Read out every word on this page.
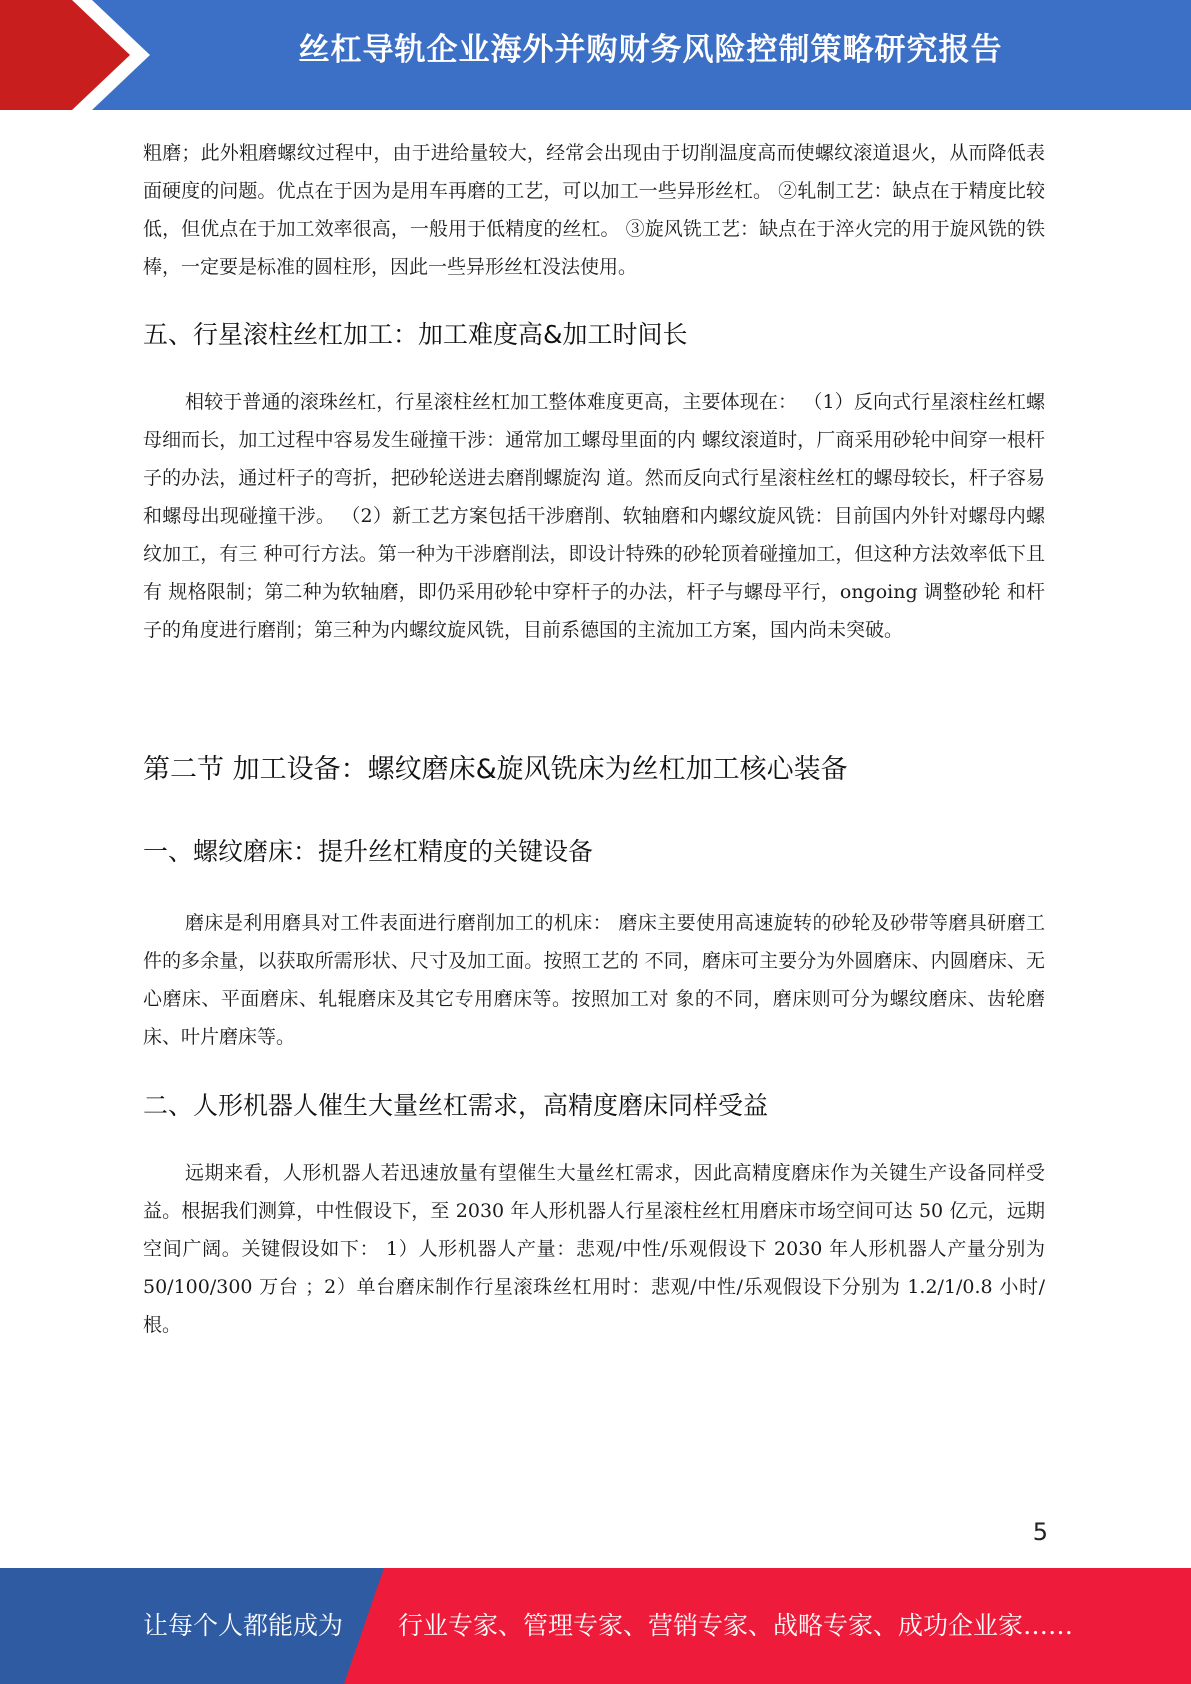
丝杠导轨企业海外并购财务风险控制策略研究报告

粗磨；此外粗磨螺纹过程中，由于进给量较大，经常会出现由于切削温度高而使螺纹滚道退火，从而降低表面硬度的问题。优点在于因为是用车再磨的工艺，可以加工一些异形丝杠。 ②轧制工艺：缺点在于精度比较低，但优点在于加工效率很高，一般用于低精度的丝杠。 ③旋风铣工艺：缺点在于淬火完的用于旋风铣的铁棒，一定要是标准的圆柱形，因此一些异形丝杠没法使用。

五、行星滚柱丝杠加工：加工难度高&加工时间长

相较于普通的滚珠丝杠，行星滚柱丝杠加工整体难度更高，主要体现在： （1）反向式行星滚柱丝杠螺母细而长，加工过程中容易发生碰撞干涉：通常加工螺母里面的内 螺纹滚道时，厂商采用砂轮中间穿一根杆子的办法，通过杆子的弯折，把砂轮送进去磨削螺旋沟 道。然而反向式行星滚柱丝杠的螺母较长，杆子容易和螺母出现碰撞干涉。 （2）新工艺方案包括干涉磨削、软轴磨和内螺纹旋风铣：目前国内外针对螺母内螺纹加工，有三 种可行方法。第一种为干涉磨削法，即设计特殊的砂轮顶着碰撞加工，但这种方法效率低下且有 规格限制；第二种为软轴磨，即仍采用砂轮中穿杆子的办法，杆子与螺母平行，ongoing 调整砂轮 和杆子的角度进行磨削；第三种为内螺纹旋风铣，目前系德国的主流加工方案，国内尚未突破。

第二节 加工设备：螺纹磨床&旋风铣床为丝杠加工核心装备
一、螺纹磨床：提升丝杠精度的关键设备

磨床是利用磨具对工件表面进行磨削加工的机床： 磨床主要使用高速旋转的砂轮及砂带等磨具研磨工件的多余量，以获取所需形状、尺寸及加工面。按照工艺的 不同，磨床可主要分为外圆磨床、内圆磨床、无心磨床、平面磨床、轧辊磨床及其它专用磨床等。按照加工对 象的不同，磨床则可分为螺纹磨床、齿轮磨床、叶片磨床等。

二、人形机器人催生大量丝杠需求，高精度磨床同样受益

远期来看，人形机器人若迅速放量有望催生大量丝杠需求，因此高精度磨床作为关键生产设备同样受益。根据我们测算，中性假设下，至 2030 年人形机器人行星滚柱丝杠用磨床市场空间可达 50 亿元，远期空间广阔。关键假设如下： 1）人形机器人产量：悲观/中性/乐观假设下 2030 年人形机器人产量分别为 50/100/300 万台 ；2）单台磨床制作行星滚珠丝杠用时：悲观/中性/乐观假设下分别为 1.2/1/0.8 小时/根。

5
让每个人都能成为 行业专家、管理专家、营销专家、战略专家、成功企业家……
